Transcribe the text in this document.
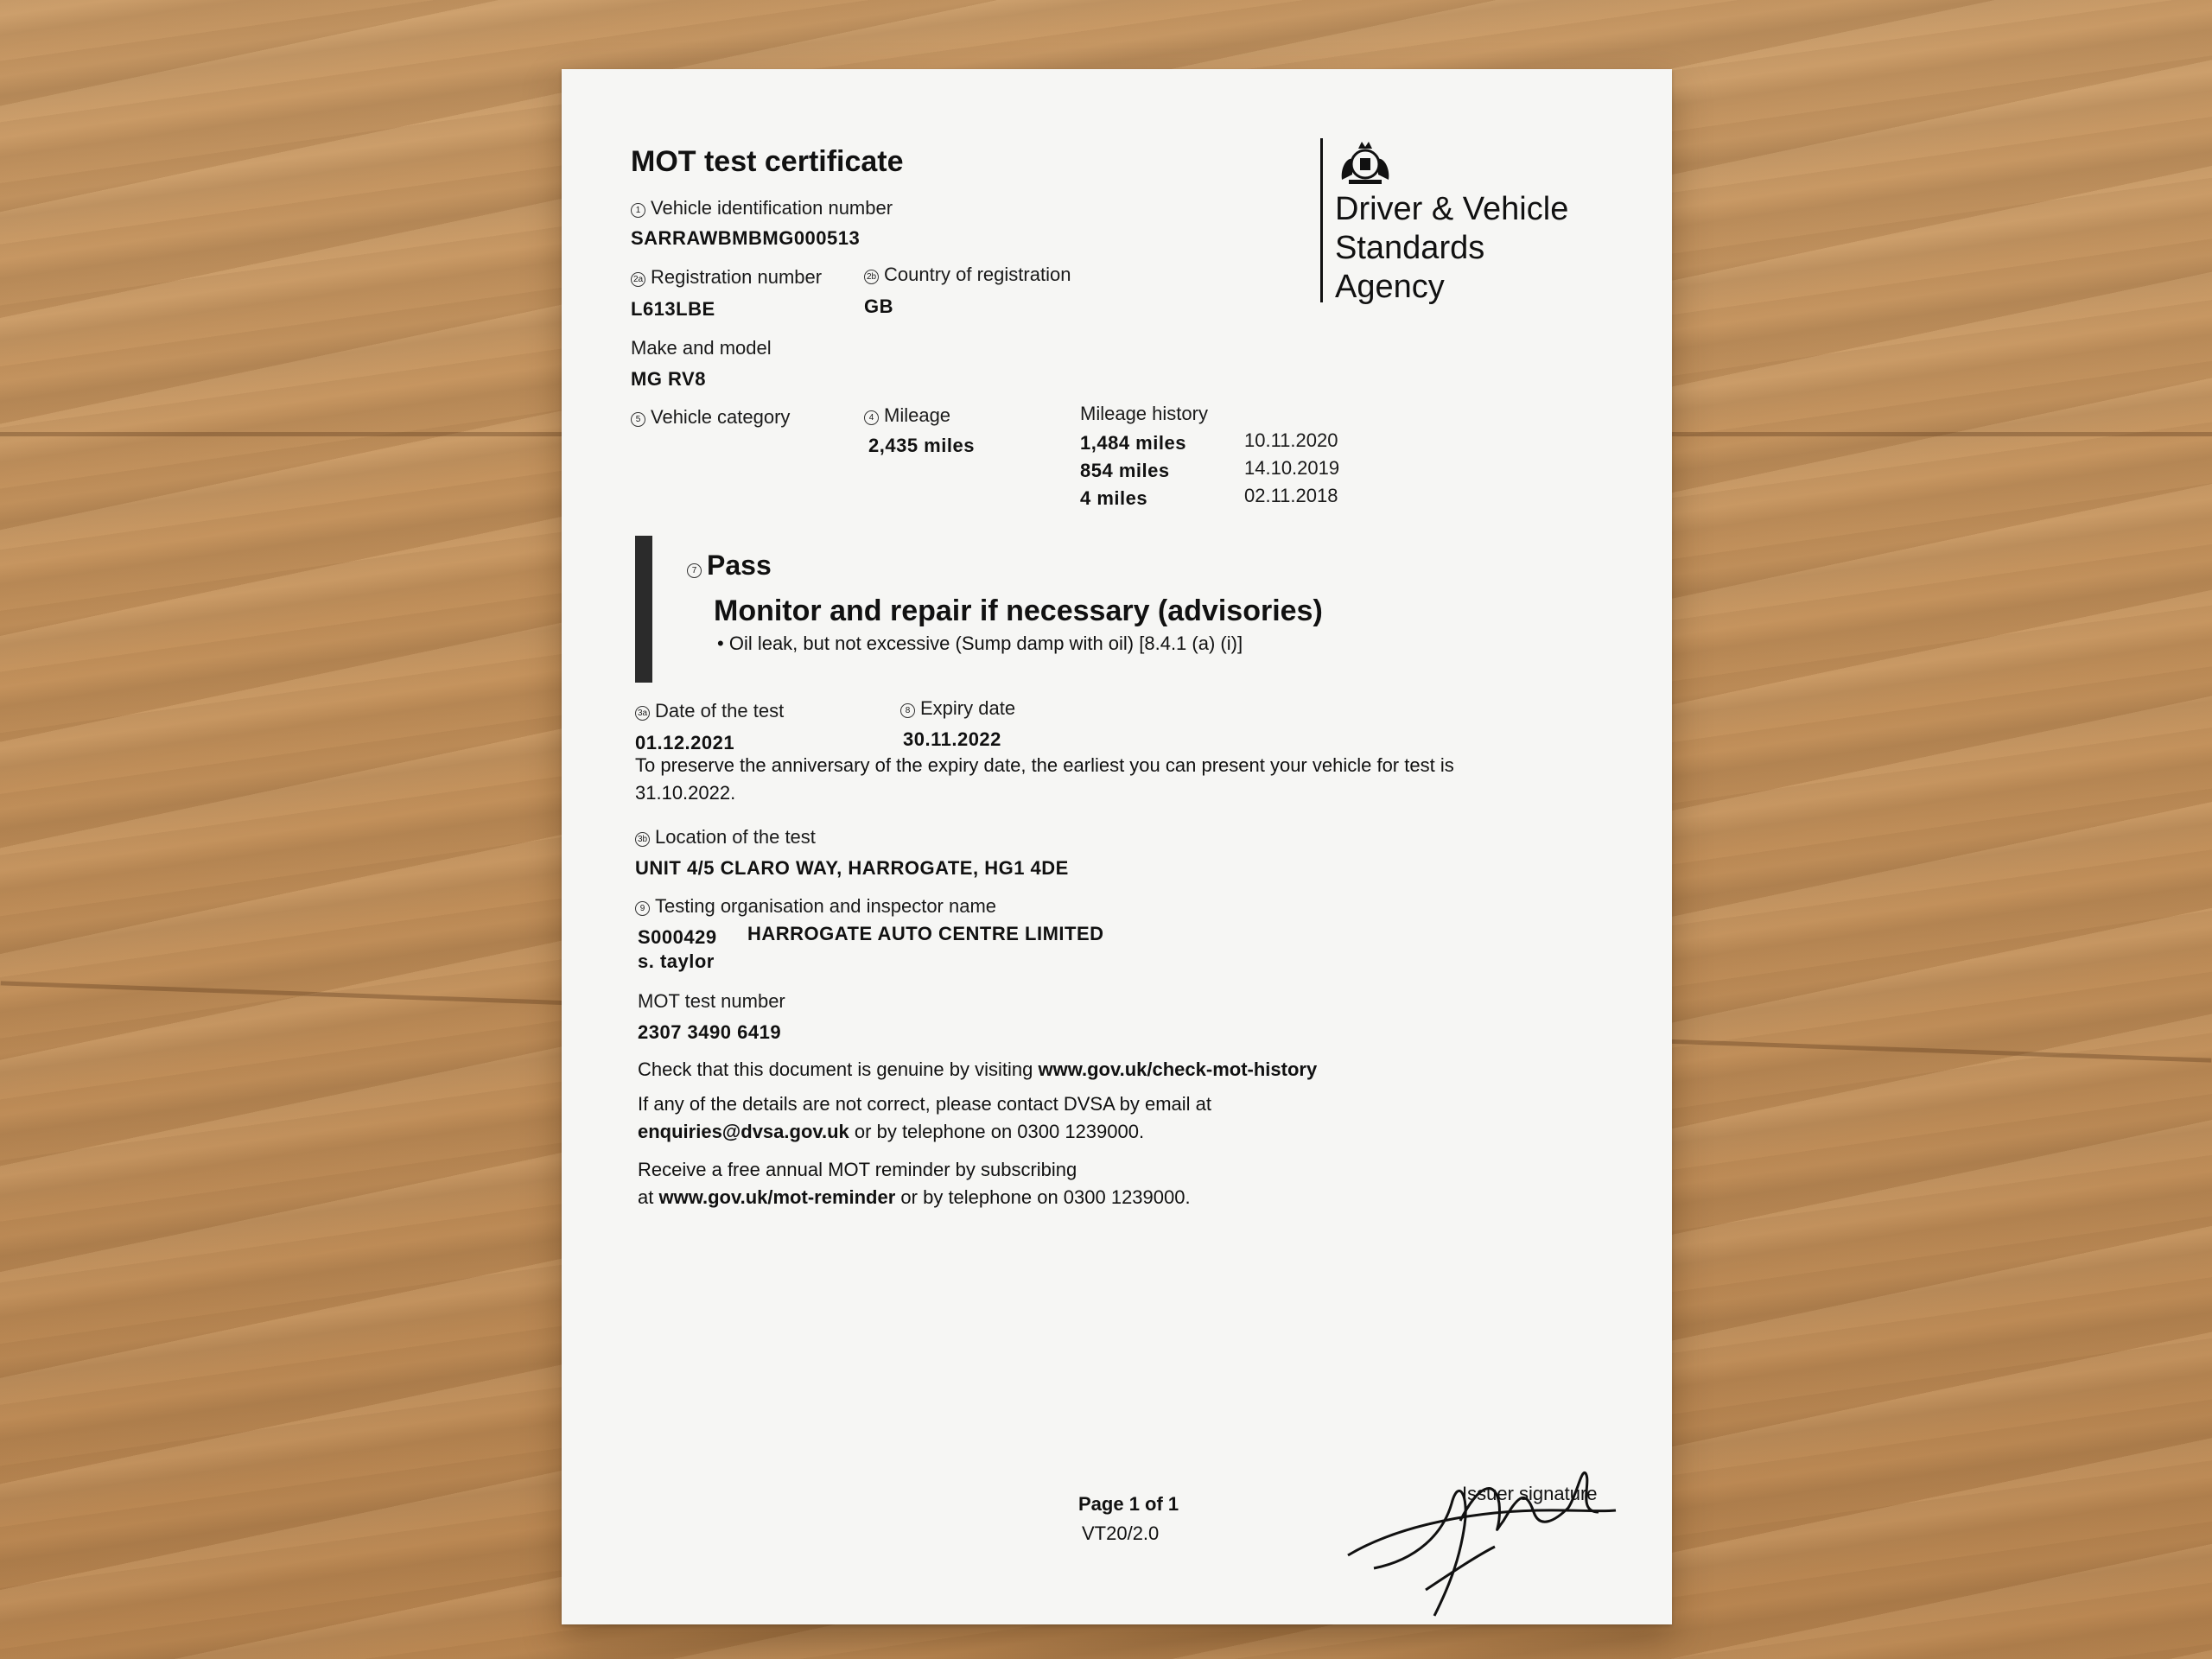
MOT test certificate
Driver & Vehicle
Standards
Agency
1 Vehicle identification number
SARRAWBMBMG000513
2a Registration number
L613LBE
2b Country of registration
GB
Make and model
MG RV8
5 Vehicle category	4 Mileage
2,435 miles
Mileage history
1,484 miles	10.11.2020
854 miles	14.10.2019
4 miles	02.11.2018
7 Pass
Monitor and repair if necessary (advisories)
• Oil leak, but not excessive (Sump damp with oil) [8.4.1 (a) (i)]
3a Date of the test
01.12.2021
8 Expiry date
30.11.2022
To preserve the anniversary of the expiry date, the earliest you can present your vehicle for test is
31.10.2022.
3b Location of the test
UNIT 4/5 CLARO WAY, HARROGATE, HG1 4DE
9 Testing organisation and inspector name
S000429 HARROGATE AUTO CENTRE LIMITED
s. taylor
MOT test number
2307 3490 6419
Check that this document is genuine by visiting www.gov.uk/check-mot-history
If any of the details are not correct, please contact DVSA by email at
enquiries@dvsa.gov.uk or by telephone on 0300 1239000.
Receive a free annual MOT reminder by subscribing
at www.gov.uk/mot-reminder or by telephone on 0300 1239000.
Page 1 of 1
VT20/2.0
Issuer signature
